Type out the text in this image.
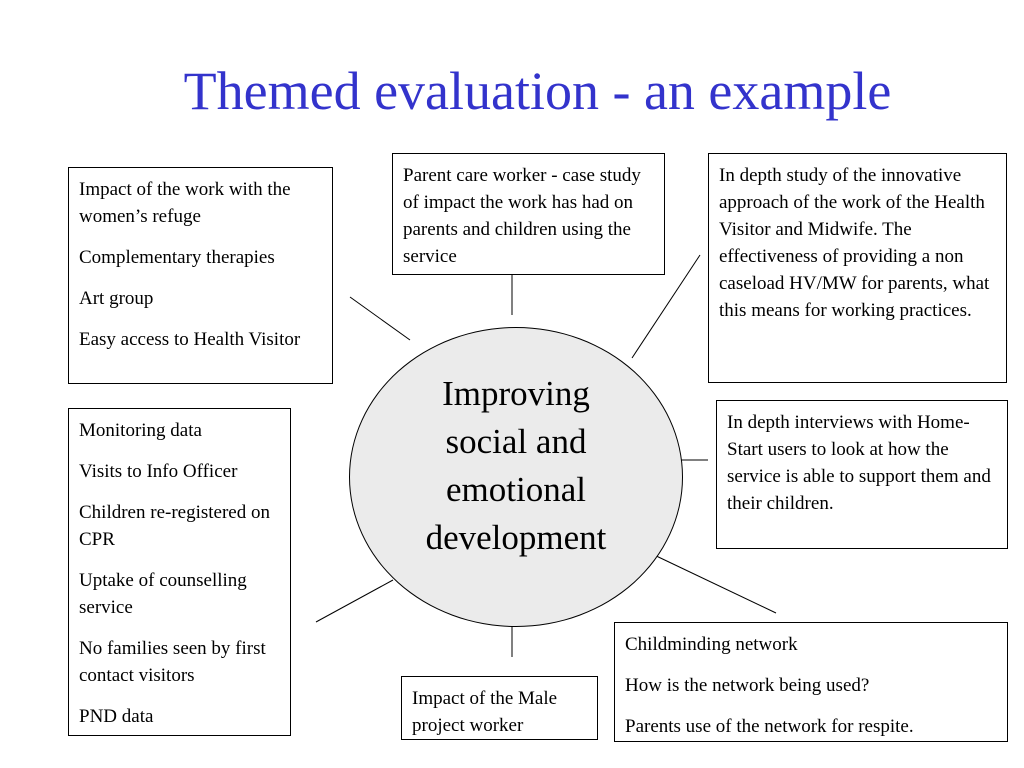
Themed evaluation - an example
Improving
social and
emotional
development

Impact of the work with the women’s refuge

Complementary therapies

Art group

Easy access to Health Visitor

Parent care worker - case study of impact the work has had on parents and children using the service

In depth study of the innovative approach of the work of the Health Visitor and Midwife. The effectiveness of providing a non caseload HV/MW for parents, what this means for working practices.

Monitoring data

Visits to Info Officer

Children re-registered on CPR

Uptake of counselling service

No families seen by first contact visitors

PND data

In depth interviews with Home-Start users to look at how the service is able to support them and their children.

Impact of the Male project worker

Childminding network

How is the network being used?

Parents use of the network for respite.
